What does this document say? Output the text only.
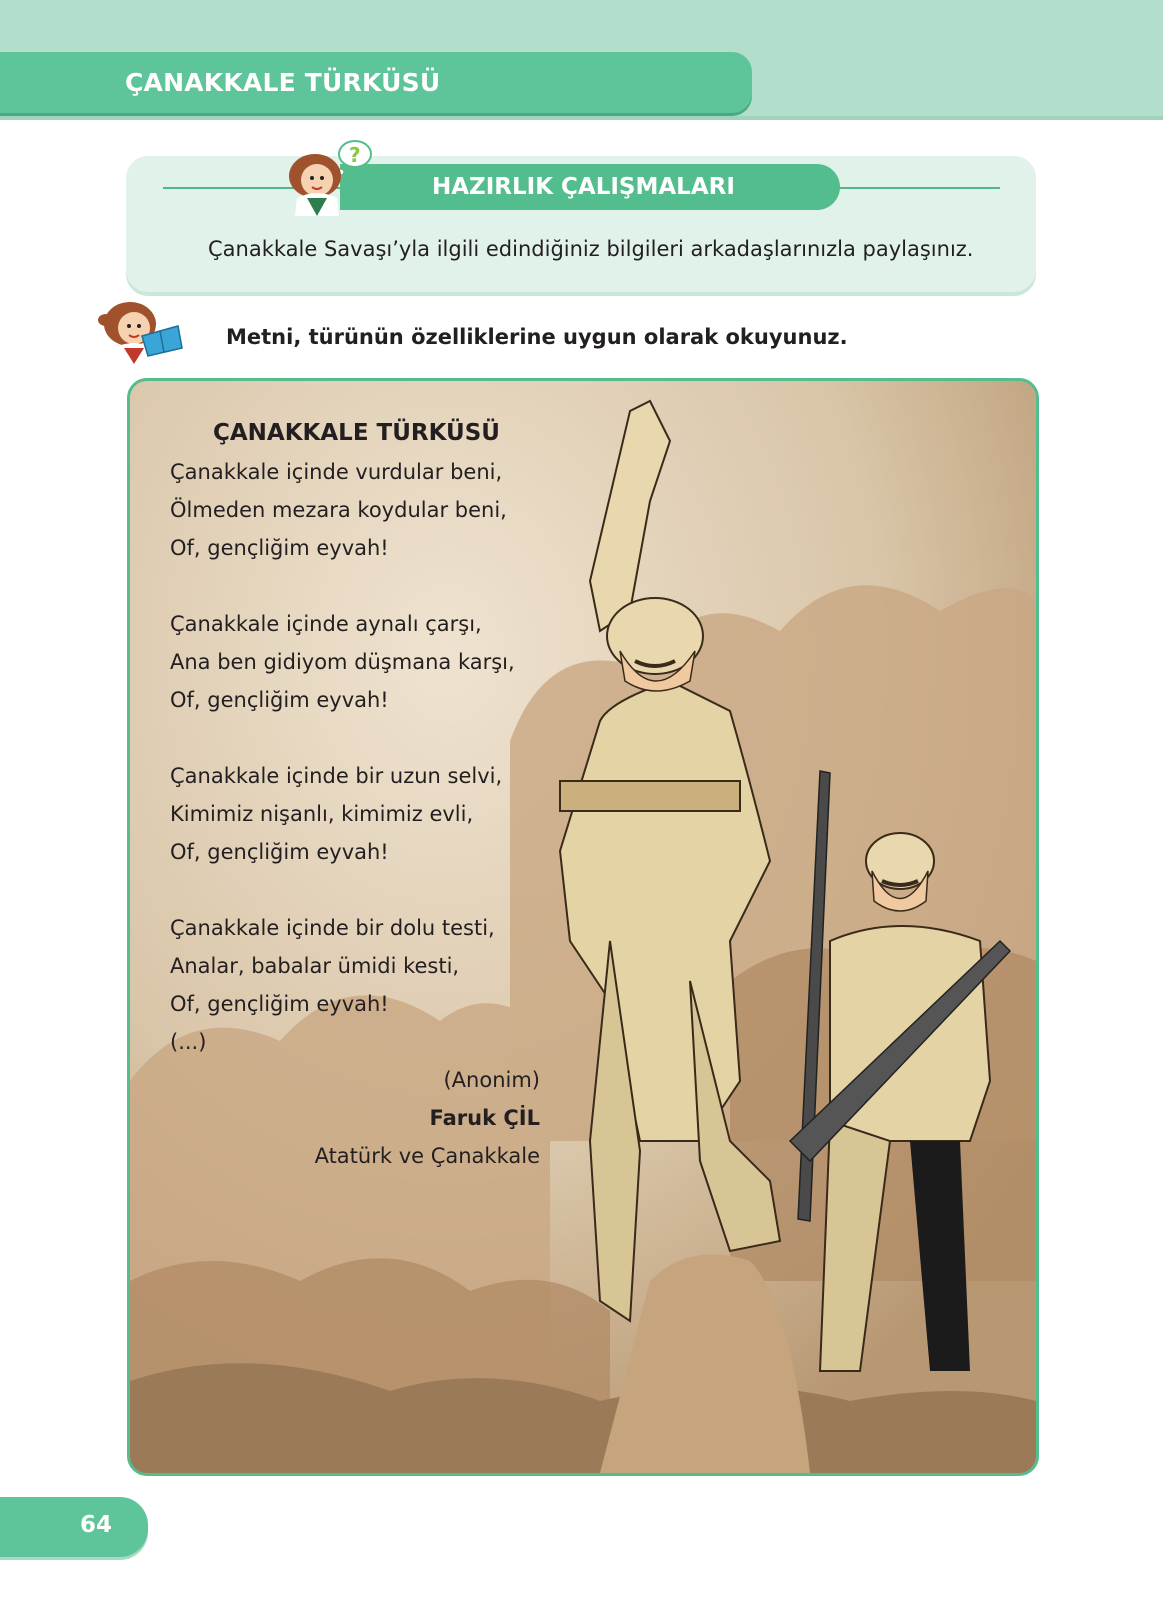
ÇANAKKALE TÜRKÜSÜ
HAZIRLIK ÇALIŞMALARI
?
Çanakkale Savaşı’yla ilgili edindiğiniz bilgileri arkadaşlarınızla paylaşınız.
Metni, türünün özelliklerine uygun olarak okuyunuz.
ÇANAKKALE TÜRKÜSÜ
Çanakkale içinde vurdular beni,
Ölmeden mezara koydular beni,
Of, gençliğim eyvah!
Çanakkale içinde aynalı çarşı,
Ana ben gidiyom düşmana karşı,
Of, gençliğim eyvah!
Çanakkale içinde bir uzun selvi,
Kimimiz nişanlı, kimimiz evli,
Of, gençliğim eyvah!
Çanakkale içinde bir dolu testi,
Analar, babalar ümidi kesti,
Of, gençliğim eyvah!
(...)
(Anonim)
Faruk ÇİL
Atatürk ve Çanakkale
64
